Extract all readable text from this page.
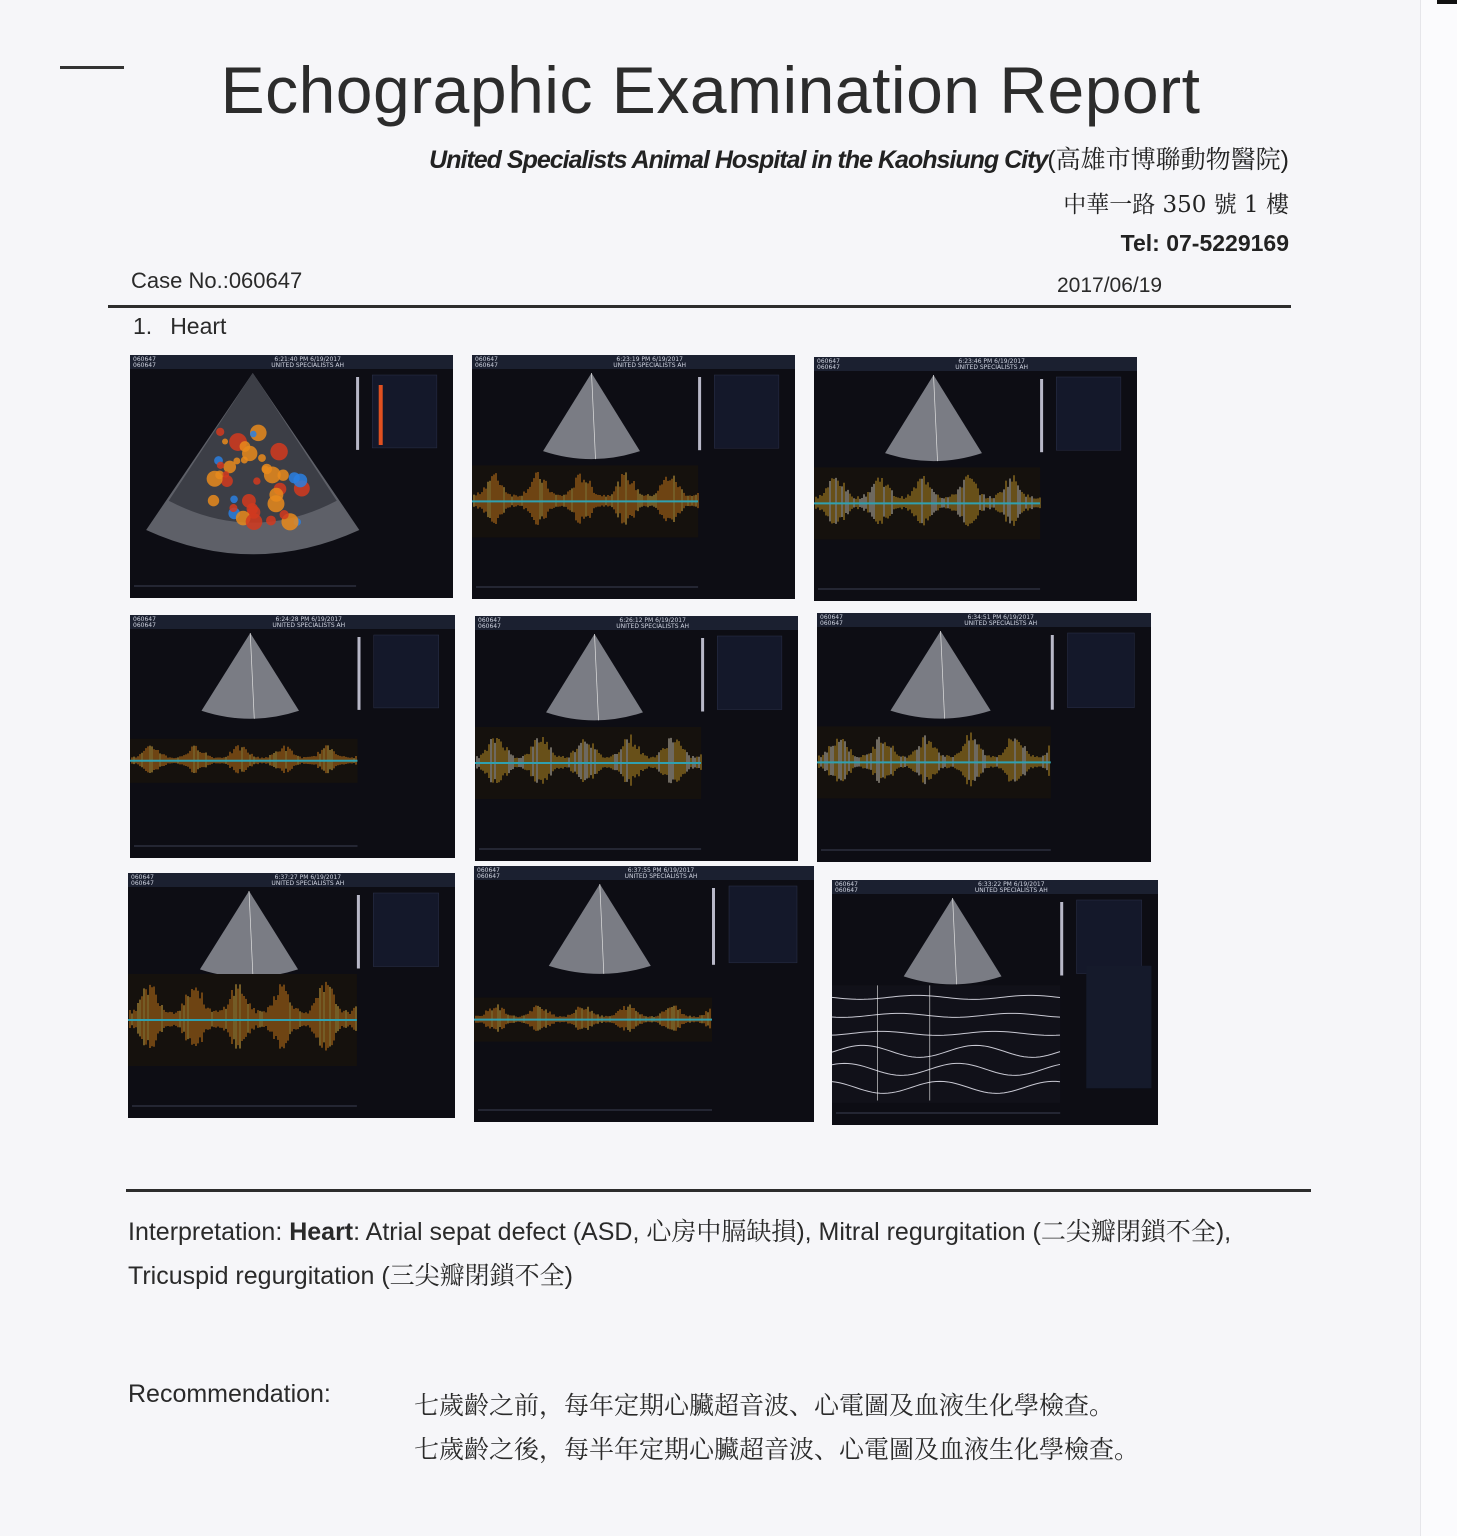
Echographic Examination Report
United Specialists Animal Hospital in the Kaohsiung City(高雄市博聯動物醫院)
中華一路 350 號 1 樓
Tel: 07-5229169
Case No.:060647	2017/06/19
1. Heart
060647
060647
6:21:40 PM 6/19/2017
UNITED SPECIALISTS AH
060647
060647
6:23:19 PM 6/19/2017
UNITED SPECIALISTS AH
060647
060647
6:23:46 PM 6/19/2017
UNITED SPECIALISTS AH
060647
060647
6:24:28 PM 6/19/2017
UNITED SPECIALISTS AH
060647
060647
6:26:12 PM 6/19/2017
UNITED SPECIALISTS AH
060647
060647
6:34:51 PM 6/19/2017
UNITED SPECIALISTS AH
060647
060647
6:37:27 PM 6/19/2017
UNITED SPECIALISTS AH
060647
060647
6:37:55 PM 6/19/2017
UNITED SPECIALISTS AH
060647
060647
6:33:22 PM 6/19/2017
UNITED SPECIALISTS AH
Interpretation: Heart: Atrial sepat defect (ASD, 心房中膈缺損), Mitral regurgitation (二尖瓣閉鎖不全), Tricuspid regurgitation (三尖瓣閉鎖不全)
Recommendation:	七歲齡之前，每年定期心臟超音波、心電圖及血液生化學檢查。
七歲齡之後，每半年定期心臟超音波、心電圖及血液生化學檢查。
